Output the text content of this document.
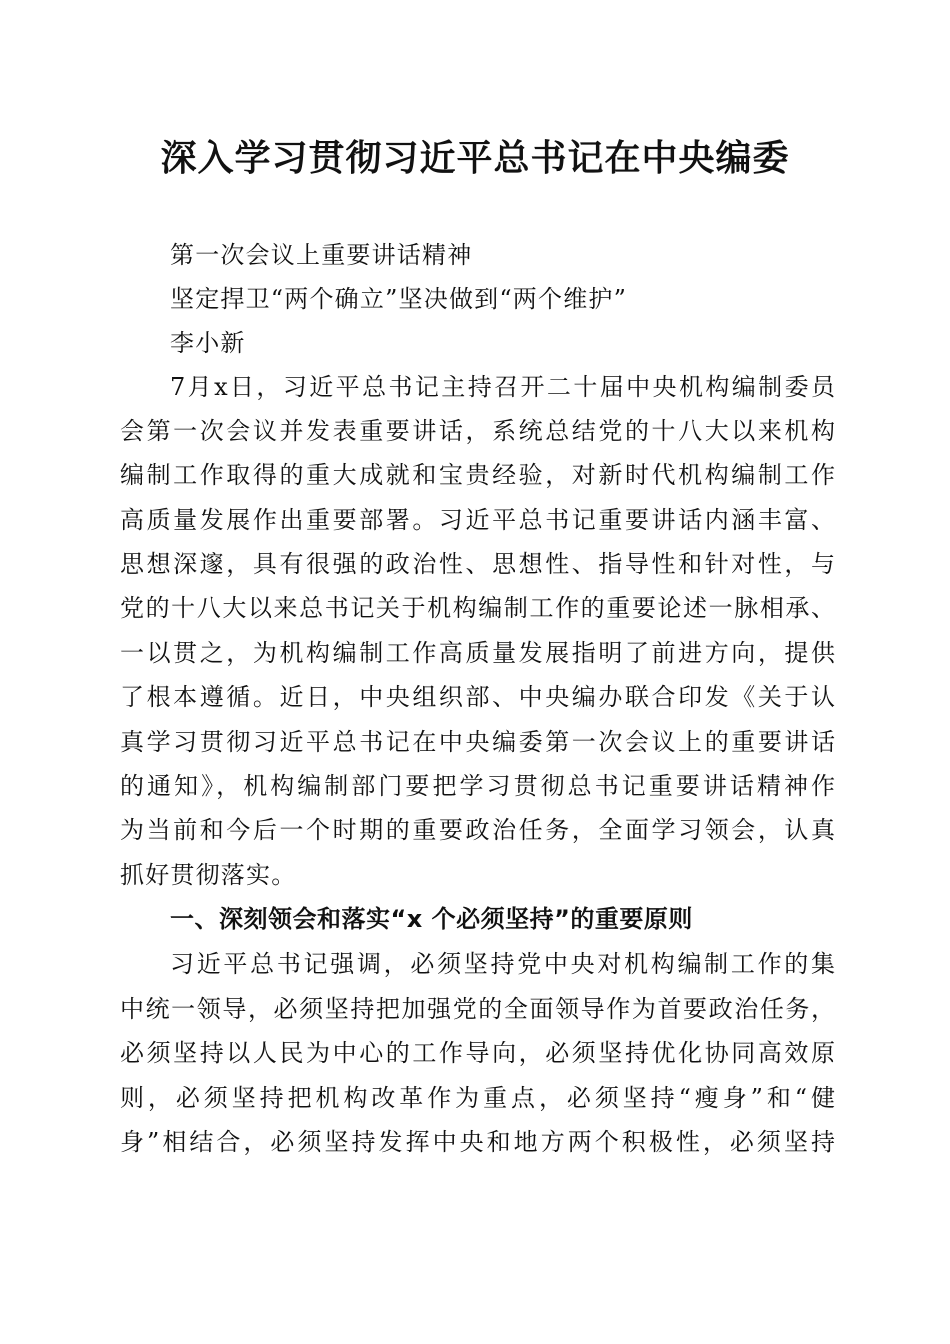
深入学习贯彻习近平总书记在中央编委
第一次会议上重要讲话精神
坚定捍卫“两个确立”坚决做到“两个维护”
李小新
7月x日，习近平总书记主持召开二十届中央机构编制委员
会第一次会议并发表重要讲话，系统总结党的十八大以来机构
编制工作取得的重大成就和宝贵经验，对新时代机构编制工作
高质量发展作出重要部署。习近平总书记重要讲话内涵丰富、
思想深邃，具有很强的政治性、思想性、指导性和针对性，与
党的十八大以来总书记关于机构编制工作的重要论述一脉相承、
一以贯之，为机构编制工作高质量发展指明了前进方向，提供
了根本遵循。近日，中央组织部、中央编办联合印发《关于认
真学习贯彻习近平总书记在中央编委第一次会议上的重要讲话
的通知》，机构编制部门要把学习贯彻总书记重要讲话精神作
为当前和今后一个时期的重要政治任务，全面学习领会，认真
抓好贯彻落实。
一、深刻领会和落实“x 个必须坚持”的重要原则
习近平总书记强调，必须坚持党中央对机构编制工作的集
中统一领导，必须坚持把加强党的全面领导作为首要政治任务，
必须坚持以人民为中心的工作导向，必须坚持优化协同高效原
则，必须坚持把机构改革作为重点，必须坚持“瘦身”和“健
身”相结合，必须坚持发挥中央和地方两个积极性，必须坚持
